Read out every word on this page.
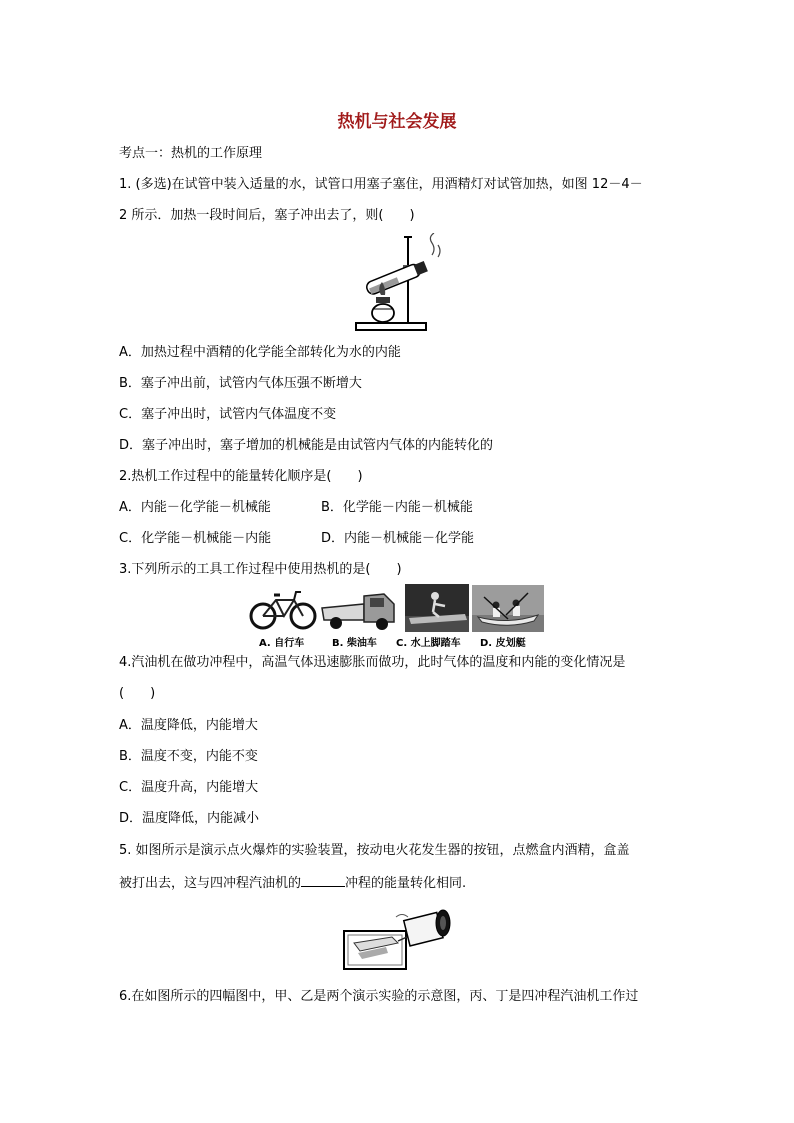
热机与社会发展
考点一：热机的工作原理
1. (多选)在试管中装入适量的水，试管口用塞子塞住，用酒精灯对试管加热，如图 12－4－
2 所示．加热一段时间后，塞子冲出去了，则(　　)
A．加热过程中酒精的化学能全部转化为水的内能
B．塞子冲出前，试管内气体压强不断增大
C．塞子冲出时，试管内气体温度不变
D．塞子冲出时，塞子增加的机械能是由试管内气体的内能转化的
2.热机工作过程中的能量转化顺序是(　　)
A．内能－化学能－机械能	B．化学能－内能－机械能
C．化学能－机械能－内能	D．内能－机械能－化学能
3.下列所示的工具工作过程中使用热机的是(　　)
A. 自行车	B. 柴油车 C. 水上脚踏车 D. 皮划艇
4.汽油机在做功冲程中，高温气体迅速膨胀而做功，此时气体的温度和内能的变化情况是
(　　)
A．温度降低，内能增大
B．温度不变，内能不变
C．温度升高，内能增大
D．温度降低，内能减小
5. 如图所示是演示点火爆炸的实验装置，按动电火花发生器的按钮，点燃盒内酒精，盒盖
被打出去，这与四冲程汽油机的	冲程的能量转化相同.
6.在如图所示的四幅图中，甲、乙是两个演示实验的示意图，丙、丁是四冲程汽油机工作过
